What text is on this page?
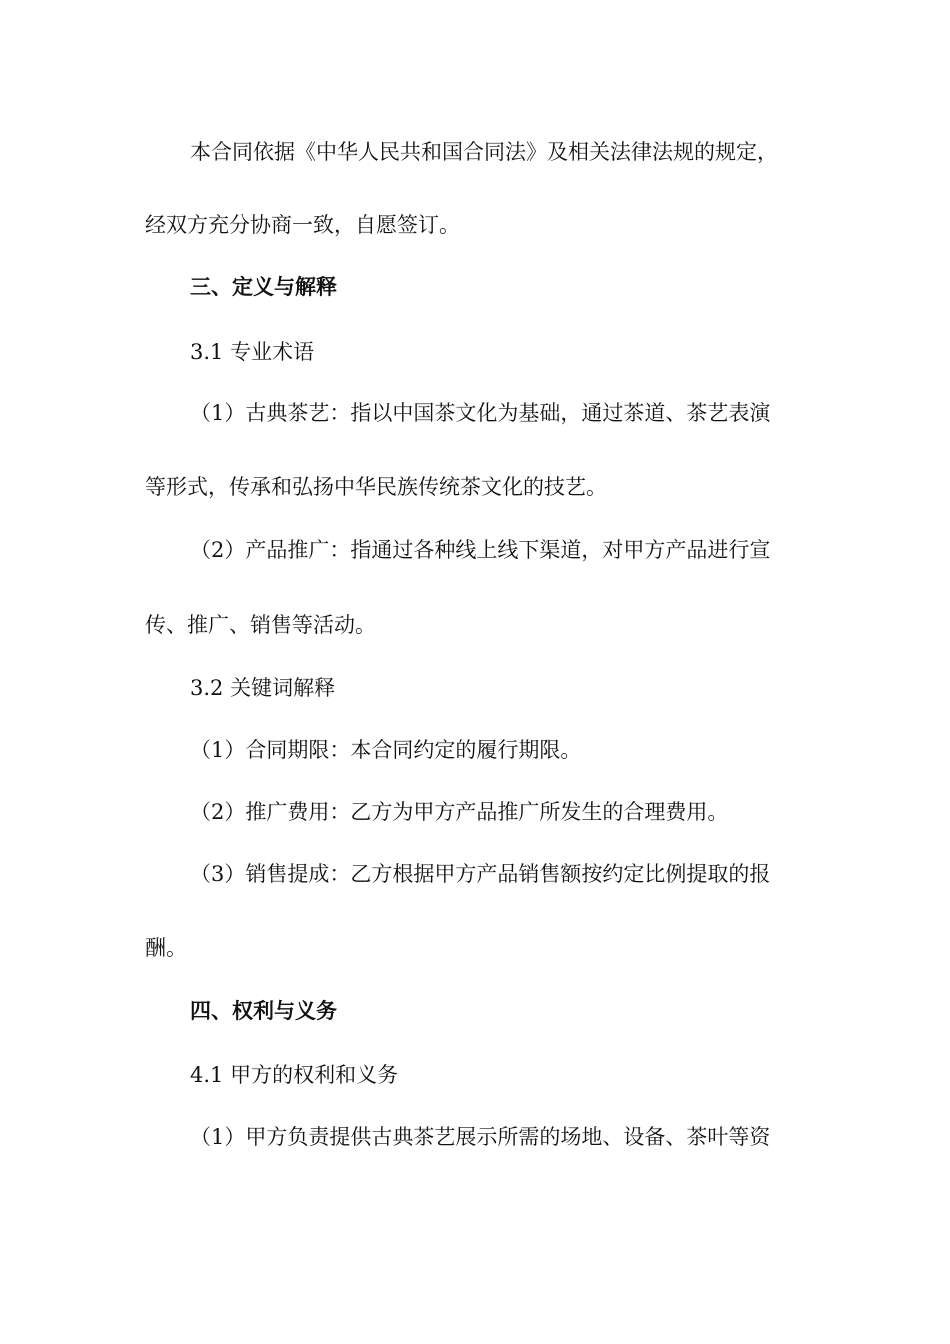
本合同依据《中华人民共和国合同法》及相关法律法规的规定，
经双方充分协商一致，自愿签订。
三、定义与解释
3.1 专业术语
（1）古典茶艺：指以中国茶文化为基础，通过茶道、茶艺表演
等形式，传承和弘扬中华民族传统茶文化的技艺。
（2）产品推广：指通过各种线上线下渠道，对甲方产品进行宣
传、推广、销售等活动。
3.2 关键词解释
（1）合同期限：本合同约定的履行期限。
（2）推广费用：乙方为甲方产品推广所发生的合理费用。
（3）销售提成：乙方根据甲方产品销售额按约定比例提取的报
酬。
四、权利与义务
4.1 甲方的权利和义务
（1）甲方负责提供古典茶艺展示所需的场地、设备、茶叶等资
